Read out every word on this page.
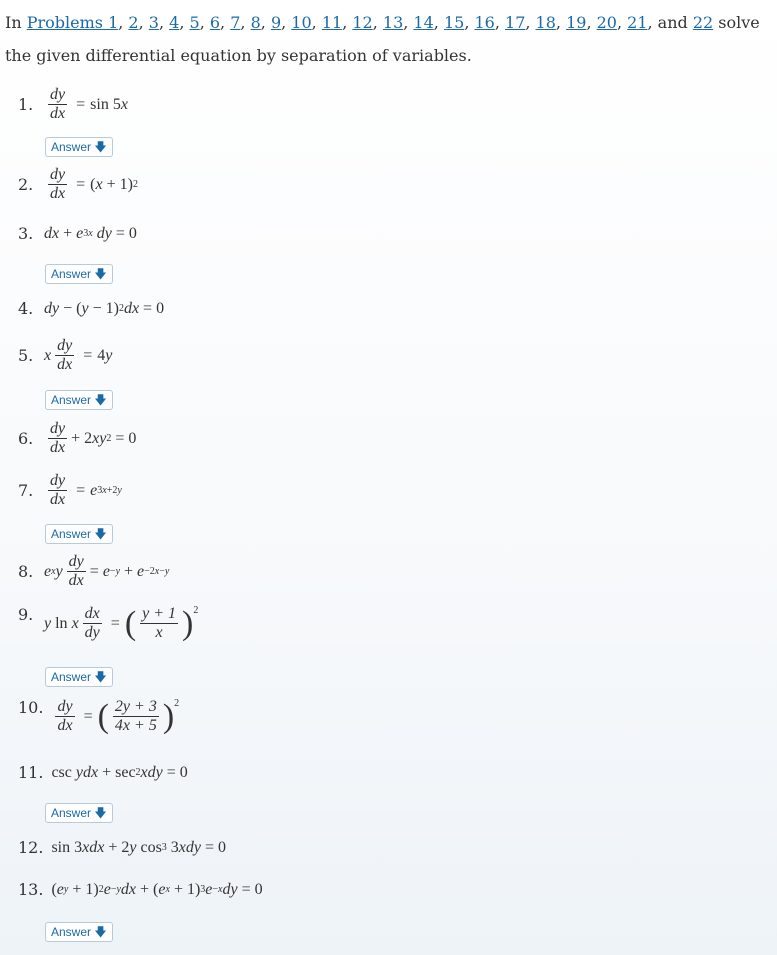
In Problems 1, 2, 3, 4, 5, 6, 7, 8, 9, 10, 11, 12, 13, 14, 15, 16, 17, 18, 19, 20, 21, and 22 solve the given differential equation by separation of variables.
1. $\frac{dy}{dx} = \sin 5$ x
Answer 🡇
2. $\frac{dy}{dx}$ = ( x + 1) 2
3. dx + e 3x
dy = 0
Answer 🡇
4. dy − ( y − 1) 2 dx = 0
5. x $\frac{dy}{dx} = 4$ y
Answer 🡇
6. $\frac{dy}{dx} + 2$ xy 2 = 0
7. $\frac{dy}{dx} = e$ 3x+2y
Answer 🡇
8. e x y $\frac{dy}{dx} = e -y + e -2x-y$
9. y ln x $\frac{dx}{dy}$ = ( $\frac{y + 1}{x} )^2$
Answer 🡇
10. $\frac{dy}{dx}$ = ( $\frac{2y + 3}{4x + 5} )^2$
11. csc ydx + sec 2 xdy = 0
Answer 🡇
12. sin 3 xdx + 2 y cos 3 3 xdy = 0
13. ( e y + 1) 2 e −y dx + ( e x + 1) 3 e −x dy = 0
Answer 🡇
